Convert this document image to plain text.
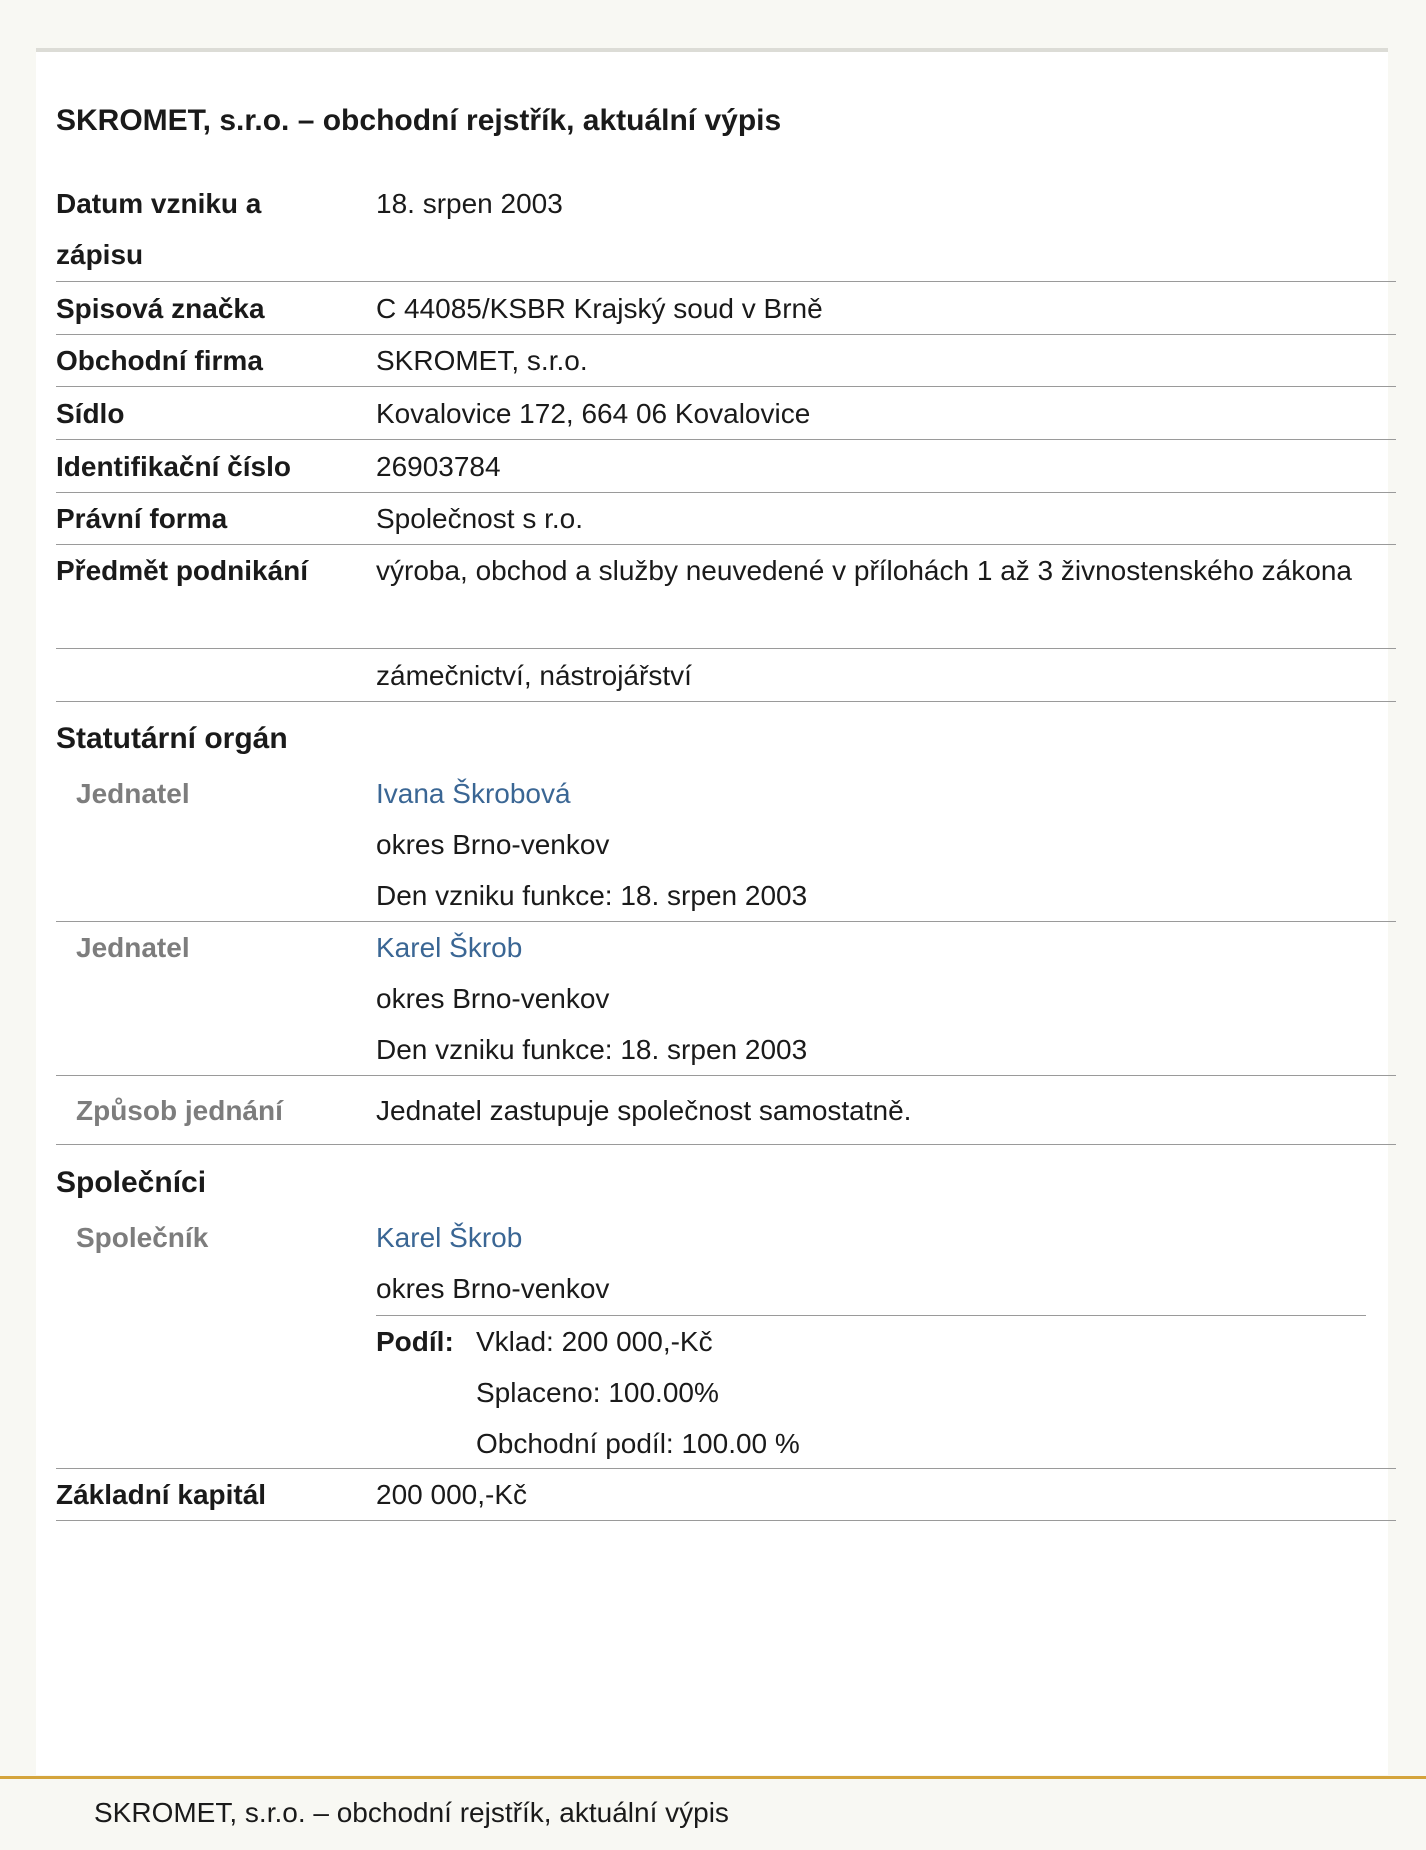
SKROMET, s.r.o. – obchodní rejstřík, aktuální výpis
Datum vzniku a zápisu
18. srpen 2003
Spisová značka	C 44085/KSBR Krajský soud v Brně
Obchodní firma	SKROMET, s.r.o.
Sídlo	Kovalovice 172, 664 06 Kovalovice
Identifikační číslo	26903784
Právní forma	Společnost s r.o.
Předmět podnikání	výroba, obchod a služby neuvedené v přílohách 1 až 3 živnostenského zákona
zámečnictví, nástrojářství
Statutární orgán
Jednatel	Ivana Škrobová
okres Brno-venkov
Den vzniku funkce: 18. srpen 2003
Jednatel	Karel Škrob
okres Brno-venkov
Den vzniku funkce: 18. srpen 2003
Způsob jednání	Jednatel zastupuje společnost samostatně.
Společníci
Společník	Karel Škrob
okres Brno-venkov
Podíl: Vklad: 200 000,-Kč
Splaceno: 100.00%
Obchodní podíl: 100.00 %
Základní kapitál	200 000,-Kč
SKROMET, s.r.o. – obchodní rejstřík, aktuální výpis
